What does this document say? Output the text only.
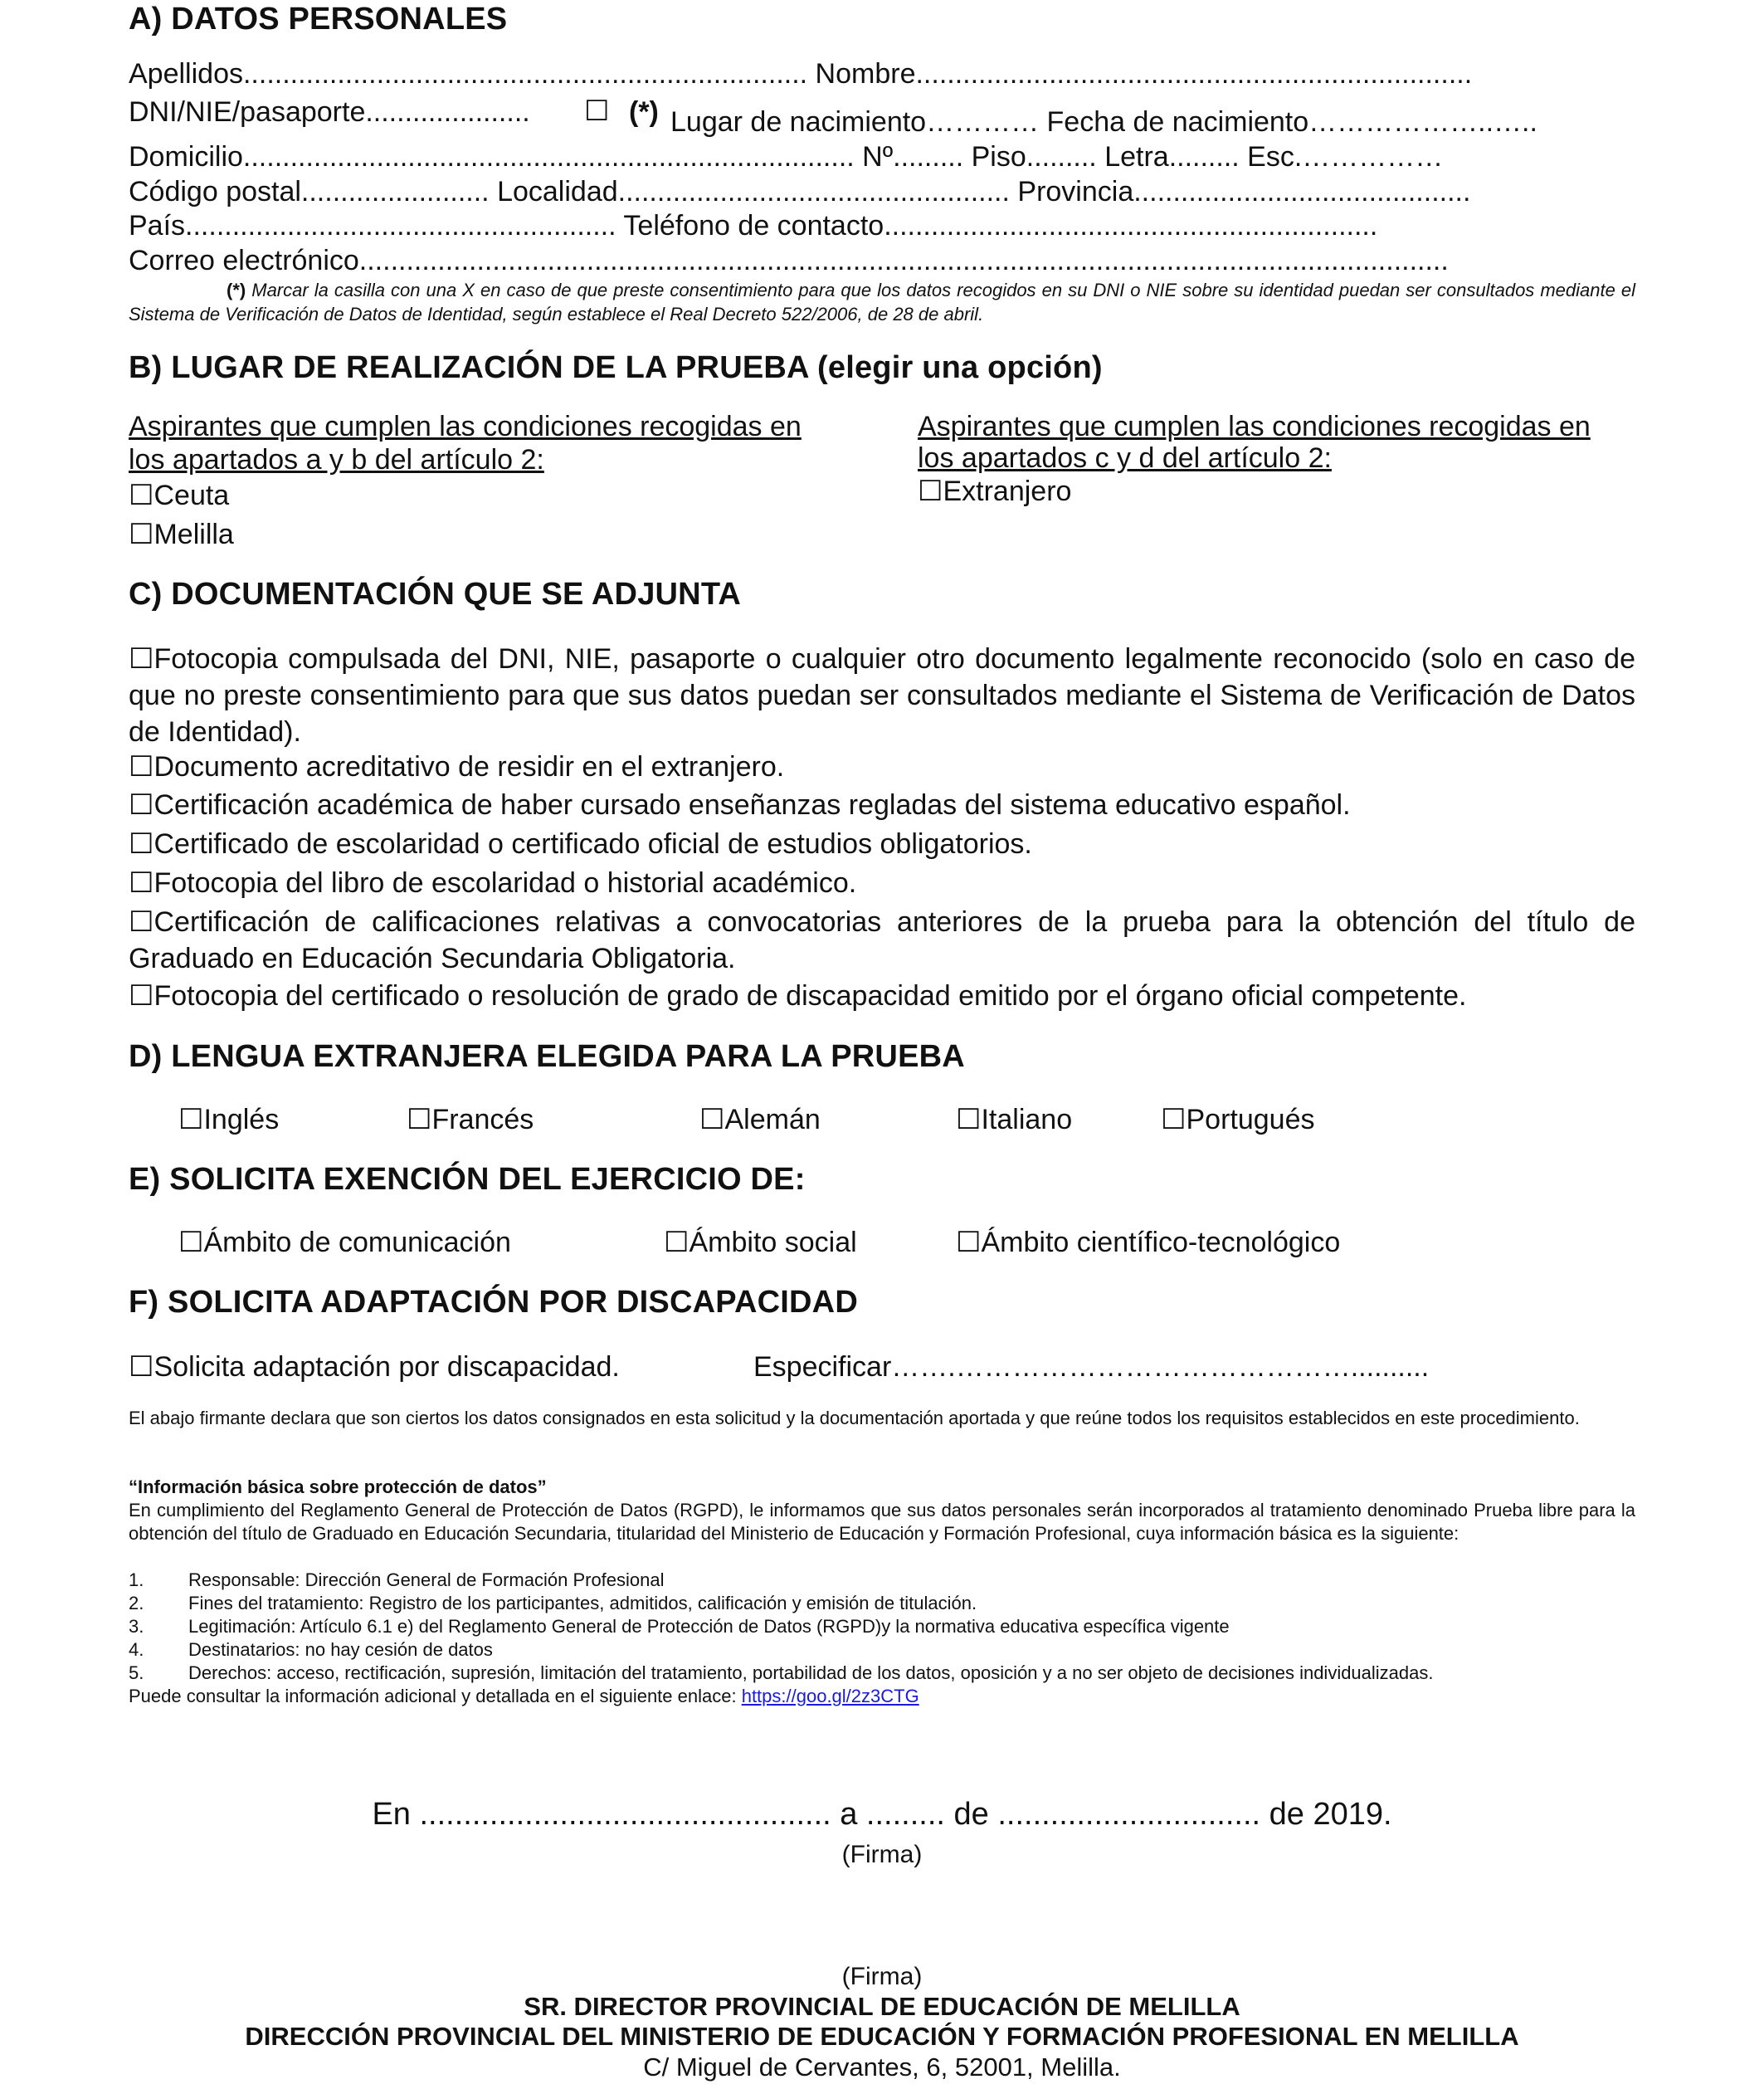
A) DATOS PERSONALES
Apellidos........................................................................ Nombre.......................................................................
DNI/NIE/pasaporte..................... ☐ (*) Lugar de nacimiento………… Fecha de nacimiento………………..…..
Domicilio.............................................................................. Nº......... Piso......... Letra......... Esc.……………
Código postal........................ Localidad.................................................. Provincia...........................................
País....................................................... Teléfono de contacto...............................................................
Correo electrónico...........................................................................................................................................
(*) Marcar la casilla con una X en caso de que preste consentimiento para que los datos recogidos en su DNI o NIE sobre su identidad puedan ser consultados mediante el Sistema de Verificación de Datos de Identidad, según establece el Real Decreto 522/2006, de 28 de abril.
B) LUGAR DE REALIZACIÓN DE LA PRUEBA (elegir una opción)
Aspirantes que cumplen las condiciones recogidas en
los apartados a y b del artículo 2:
☐Ceuta
☐Melilla
Aspirantes que cumplen las condiciones recogidas en
los apartados c y d del artículo 2:
☐Extranjero
C) DOCUMENTACIÓN QUE SE ADJUNTA
☐Fotocopia compulsada del DNI, NIE, pasaporte o cualquier otro documento legalmente reconocido (solo en caso de que no preste consentimiento para que sus datos puedan ser consultados mediante el Sistema de Verificación de Datos de Identidad).
☐Documento acreditativo de residir en el extranjero.
☐Certificación académica de haber cursado enseñanzas regladas del sistema educativo español.
☐Certificado de escolaridad o certificado oficial de estudios obligatorios.
☐Fotocopia del libro de escolaridad o historial académico.
☐Certificación de calificaciones relativas a convocatorias anteriores de la prueba para la obtención del título de Graduado en Educación Secundaria Obligatoria.
☐Fotocopia del certificado o resolución de grado de discapacidad emitido por el órgano oficial competente.
D) LENGUA EXTRANJERA ELEGIDA PARA LA PRUEBA
☐Inglés	☐Francés	☐Alemán	☐Italiano	☐Portugués
E) SOLICITA EXENCIÓN DEL EJERCICIO DE:
☐Ámbito de comunicación	☐Ámbito social	☐Ámbito científico-tecnológico
F) SOLICITA ADAPTACIÓN POR DISCAPACIDAD
☐Solicita adaptación por discapacidad.	Especificar…….……………………………………..........
El abajo firmante declara que son ciertos los datos consignados en esta solicitud y la documentación aportada y que reúne todos los requisitos establecidos en este procedimiento.
“Información básica sobre protección de datos”
En cumplimiento del Reglamento General de Protección de Datos (RGPD), le informamos que sus datos personales serán incorporados al tratamiento denominado Prueba libre para la obtención del título de Graduado en Educación Secundaria, titularidad del Ministerio de Educación y Formación Profesional, cuya información básica es la siguiente:
1. Responsable: Dirección General de Formación Profesional
2. Fines del tratamiento: Registro de los participantes, admitidos, calificación y emisión de titulación.
3. Legitimación: Artículo 6.1 e) del Reglamento General de Protección de Datos (RGPD)y la normativa educativa específica vigente
4. Destinatarios: no hay cesión de datos
5. Derechos: acceso, rectificación, supresión, limitación del tratamiento, portabilidad de los datos, oposición y a no ser objeto de decisiones individualizadas.
Puede consultar la información adicional y detallada en el siguiente enlace: https://goo.gl/2z3CTG
En ............................................... a ......... de .............................. de 2019.
(Firma)
(Firma)
SR. DIRECTOR PROVINCIAL DE EDUCACIÓN DE MELILLA
DIRECCIÓN PROVINCIAL DEL MINISTERIO DE EDUCACIÓN Y FORMACIÓN PROFESIONAL EN MELILLA
C/ Miguel de Cervantes, 6, 52001, Melilla.
